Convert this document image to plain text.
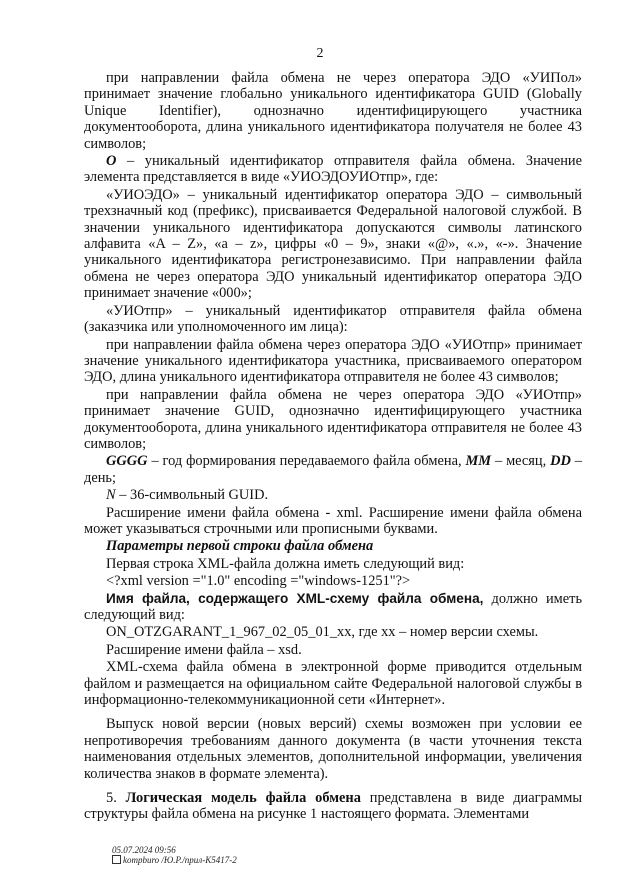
2

при направлении файла обмена не через оператора ЭДО «УИПол» принимает значение глобально уникального идентификатора GUID (Globally Unique Identifier), однозначно идентифицирующего участника документооборота, длина уникального идентификатора получателя не более 43 символов;

O – уникальный идентификатор отправителя файла обмена. Значение элемента представляется в виде «УИОЭДОУИОтпр», где:

«УИОЭДО» – уникальный идентификатор оператора ЭДО – символьный трехзначный код (префикс), присваивается Федеральной налоговой службой. В значении уникального идентификатора допускаются символы латинского алфавита «A – Z», «a – z», цифры «0 – 9», знаки «@», «.», «-». Значение уникального идентификатора регистронезависимо. При направлении файла обмена не через оператора ЭДО уникальный идентификатор оператора ЭДО принимает значение «000»;

«УИОтпр» – уникальный идентификатор отправителя файла обмена (заказчика или уполномоченного им лица):

при направлении файла обмена через оператора ЭДО «УИОтпр» принимает значение уникального идентификатора участника, присваиваемого оператором ЭДО, длина уникального идентификатора отправителя не более 43 символов;

при направлении файла обмена не через оператора ЭДО «УИОтпр» принимает значение GUID, однозначно идентифицирующего участника документооборота, длина уникального идентификатора отправителя не более 43 символов;

GGGG – год формирования передаваемого файла обмена, MM – месяц, DD – день;

N – 36-символьный GUID.

Расширение имени файла обмена - xml. Расширение имени файла обмена может указываться строчными или прописными буквами.

Параметры первой строки файла обмена

Первая строка XML-файла должна иметь следующий вид:

<?xml version ="1.0" encoding ="windows-1251"?>

Имя файла, содержащего XML-схему файла обмена, должно иметь следующий вид:

ON_OTZGARANT_1_967_02_05_01_xx, где xx – номер версии схемы.

Расширение имени файла – xsd.

XML-схема файла обмена в электронной форме приводится отдельным файлом и размещается на официальном сайте Федеральной налоговой службы в информационно-телекоммуникационной сети «Интернет».

Выпуск новой версии (новых версий) схемы возможен при условии ее непротиворечия требованиям данного документа (в части уточнения текста наименования отдельных элементов, дополнительной информации, увеличения количества знаков в формате элемента).

5. Логическая модель файла обмена представлена в виде диаграммы структуры файла обмена на рисунке 1 настоящего формата. Элементами

05.07.2024 09:56
kompburo /Ю.Р./прил-К5417-2
